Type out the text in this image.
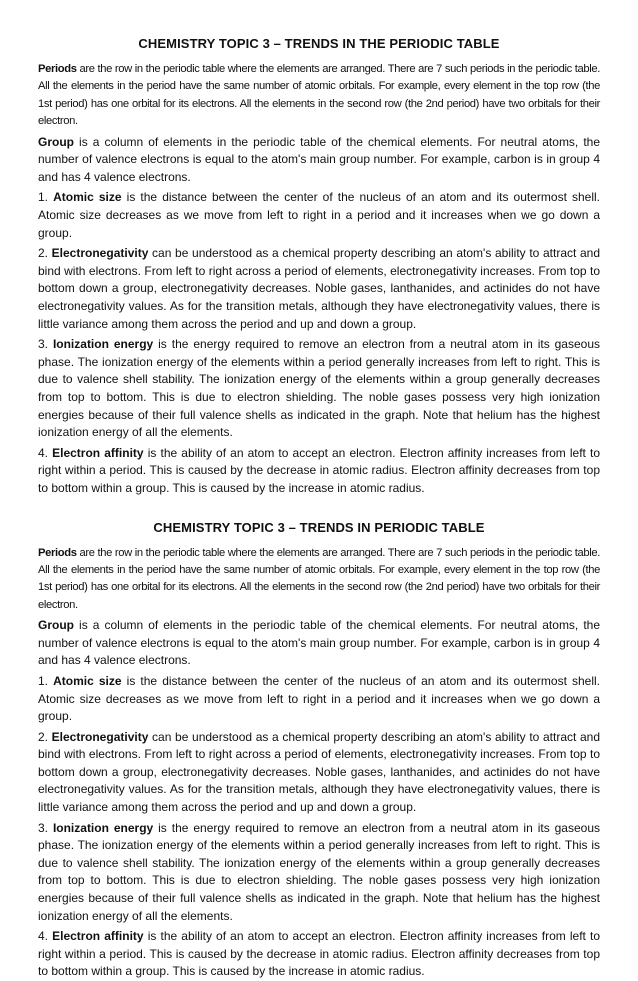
CHEMISTRY TOPIC 3 – TRENDS IN THE PERIODIC TABLE

Periods are the row in the periodic table where the elements are arranged. There are 7 such periods in the periodic table. All the elements in the period have the same number of atomic orbitals. For example, every element in the top row (the 1st period) has one orbital for its electrons. All the elements in the second row (the 2nd period) have two orbitals for their electron.

Group is a column of elements in the periodic table of the chemical elements. For neutral atoms, the number of valence electrons is equal to the atom's main group number. For example, carbon is in group 4 and has 4 valence electrons.

1. Atomic size is the distance between the center of the nucleus of an atom and its outermost shell. Atomic size decreases as we move from left to right in a period and it increases when we go down a group.

2. Electronegativity can be understood as a chemical property describing an atom's ability to attract and bind with electrons. From left to right across a period of elements, electronegativity increases. From top to bottom down a group, electronegativity decreases. Noble gases, lanthanides, and actinides do not have electronegativity values. As for the transition metals, although they have electronegativity values, there is little variance among them across the period and up and down a group.

3. Ionization energy is the energy required to remove an electron from a neutral atom in its gaseous phase. The ionization energy of the elements within a period generally increases from left to right. This is due to valence shell stability. The ionization energy of the elements within a group generally decreases from top to bottom. This is due to electron shielding. The noble gases possess very high ionization energies because of their full valence shells as indicated in the graph. Note that helium has the highest ionization energy of all the elements.

4. Electron affinity is the ability of an atom to accept an electron. Electron affinity increases from left to right within a period. This is caused by the decrease in atomic radius. Electron affinity decreases from top to bottom within a group. This is caused by the increase in atomic radius.

CHEMISTRY TOPIC 3 – TRENDS IN PERIODIC TABLE

Periods are the row in the periodic table where the elements are arranged. There are 7 such periods in the periodic table. All the elements in the period have the same number of atomic orbitals. For example, every element in the top row (the 1st period) has one orbital for its electrons. All the elements in the second row (the 2nd period) have two orbitals for their electron.

Group is a column of elements in the periodic table of the chemical elements. For neutral atoms, the number of valence electrons is equal to the atom's main group number. For example, carbon is in group 4 and has 4 valence electrons.

1. Atomic size is the distance between the center of the nucleus of an atom and its outermost shell. Atomic size decreases as we move from left to right in a period and it increases when we go down a group.

2. Electronegativity can be understood as a chemical property describing an atom's ability to attract and bind with electrons. From left to right across a period of elements, electronegativity increases. From top to bottom down a group, electronegativity decreases. Noble gases, lanthanides, and actinides do not have electronegativity values. As for the transition metals, although they have electronegativity values, there is little variance among them across the period and up and down a group.

3. Ionization energy is the energy required to remove an electron from a neutral atom in its gaseous phase. The ionization energy of the elements within a period generally increases from left to right. This is due to valence shell stability. The ionization energy of the elements within a group generally decreases from top to bottom. This is due to electron shielding. The noble gases possess very high ionization energies because of their full valence shells as indicated in the graph. Note that helium has the highest ionization energy of all the elements.

4. Electron affinity is the ability of an atom to accept an electron. Electron affinity increases from left to right within a period. This is caused by the decrease in atomic radius. Electron affinity decreases from top to bottom within a group. This is caused by the increase in atomic radius.
